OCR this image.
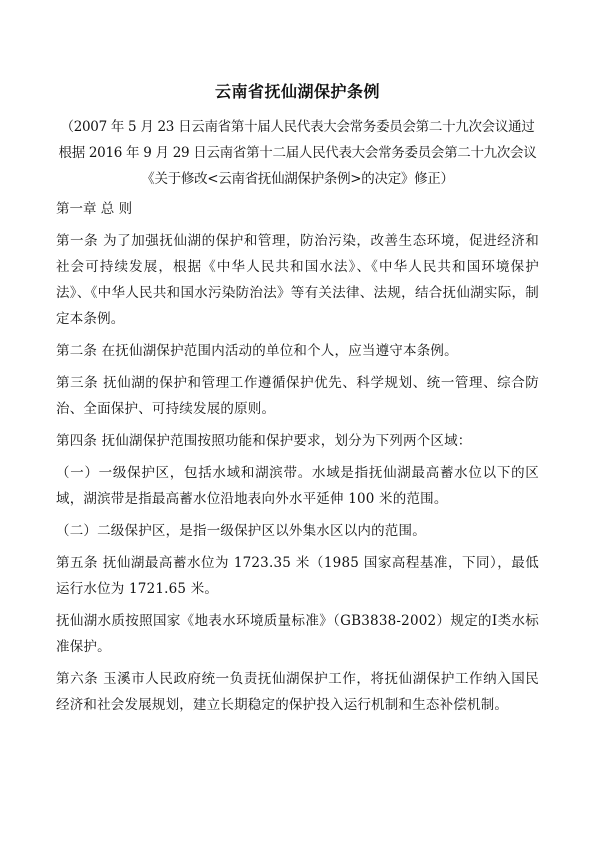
云南省抚仙湖保护条例

（2007 年 5 月 23 日云南省第十届人民代表大会常务委员会第二十九次会议通过

根据 2016 年 9 月 29 日云南省第十二届人民代表大会常务委员会第二十九次会议

《关于修改<云南省抚仙湖保护条例>的决定》修正）

第一章 总 则

第一条 为了加强抚仙湖的保护和管理，防治污染，改善生态环境，促进经济和社会可持续发展，根据《中华人民共和国水法》、《中华人民共和国环境保护法》、《中华人民共和国水污染防治法》等有关法律、法规，结合抚仙湖实际，制定本条例。

第二条 在抚仙湖保护范围内活动的单位和个人，应当遵守本条例。

第三条 抚仙湖的保护和管理工作遵循保护优先、科学规划、统一管理、综合防治、全面保护、可持续发展的原则。

第四条 抚仙湖保护范围按照功能和保护要求，划分为下列两个区域：

（一）一级保护区，包括水域和湖滨带。水域是指抚仙湖最高蓄水位以下的区域，湖滨带是指最高蓄水位沿地表向外水平延伸 100 米的范围。

（二）二级保护区，是指一级保护区以外集水区以内的范围。

第五条 抚仙湖最高蓄水位为 1723.35 米（1985 国家高程基准，下同），最低运行水位为 1721.65 米。

抚仙湖水质按照国家《地表水环境质量标准》（GB3838-2002）规定的Ⅰ类水标准保护。

第六条 玉溪市人民政府统一负责抚仙湖保护工作，将抚仙湖保护工作纳入国民经济和社会发展规划，建立长期稳定的保护投入运行机制和生态补偿机制。
